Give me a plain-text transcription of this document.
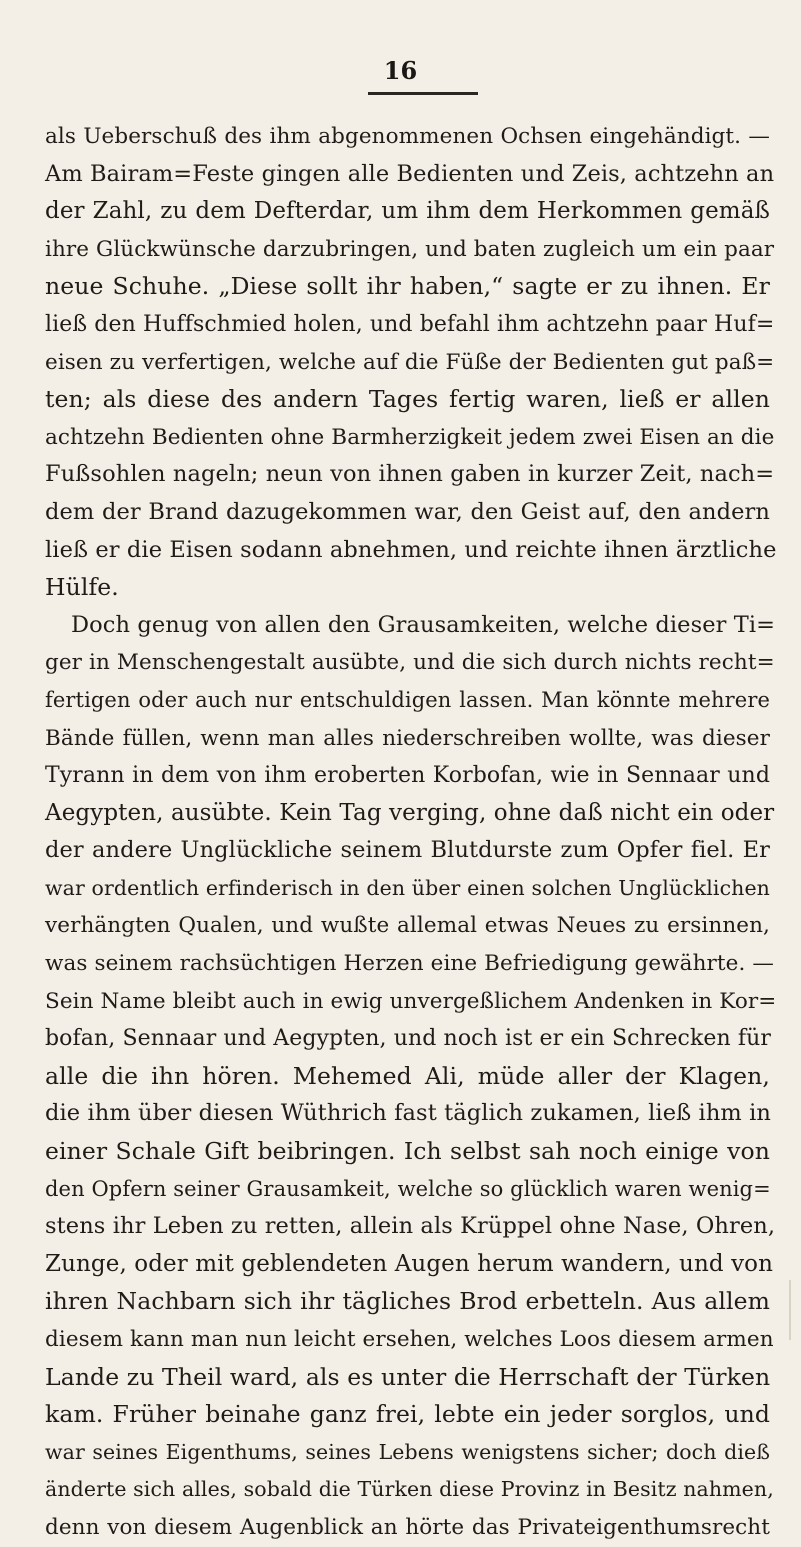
16
als Ueberschuß des ihm abgenommenen Ochsen eingehändigt. —
Am Bairam=Feste gingen alle Bedienten und Zeis, achtzehn an
der Zahl, zu dem Defterdar, um ihm dem Herkommen gemäß
ihre Glückwünsche darzubringen, und baten zugleich um ein paar
neue Schuhe. „Diese sollt ihr haben,“ sagte er zu ihnen. Er
ließ den Huffschmied holen, und befahl ihm achtzehn paar Huf=
eisen zu verfertigen, welche auf die Füße der Bedienten gut paß=
ten; als diese des andern Tages fertig waren, ließ er allen
achtzehn Bedienten ohne Barmherzigkeit jedem zwei Eisen an die
Fußsohlen nageln; neun von ihnen gaben in kurzer Zeit, nach=
dem der Brand dazugekommen war, den Geist auf, den andern
ließ er die Eisen sodann abnehmen, und reichte ihnen ärztliche
Hülfe.
Doch genug von allen den Grausamkeiten, welche dieser Ti=
ger in Menschengestalt ausübte, und die sich durch nichts recht=
fertigen oder auch nur entschuldigen lassen. Man könnte mehrere
Bände füllen, wenn man alles niederschreiben wollte, was dieser
Tyrann in dem von ihm eroberten Korbofan, wie in Sennaar und
Aegypten, ausübte. Kein Tag verging, ohne daß nicht ein oder
der andere Unglückliche seinem Blutdurste zum Opfer fiel. Er
war ordentlich erfinderisch in den über einen solchen Unglücklichen
verhängten Qualen, und wußte allemal etwas Neues zu ersinnen,
was seinem rachsüchtigen Herzen eine Befriedigung gewährte. —
Sein Name bleibt auch in ewig unvergeßlichem Andenken in Kor=
bofan, Sennaar und Aegypten, und noch ist er ein Schrecken für
alle die ihn hören. Mehemed Ali, müde aller der Klagen,
die ihm über diesen Wüthrich fast täglich zukamen, ließ ihm in
einer Schale Gift beibringen. Ich selbst sah noch einige von
den Opfern seiner Grausamkeit, welche so glücklich waren wenig=
stens ihr Leben zu retten, allein als Krüppel ohne Nase, Ohren,
Zunge, oder mit geblendeten Augen herum wandern, und von
ihren Nachbarn sich ihr tägliches Brod erbetteln. Aus allem
diesem kann man nun leicht ersehen, welches Loos diesem armen
Lande zu Theil ward, als es unter die Herrschaft der Türken
kam. Früher beinahe ganz frei, lebte ein jeder sorglos, und
war seines Eigenthums, seines Lebens wenigstens sicher; doch dieß
änderte sich alles, sobald die Türken diese Provinz in Besitz nahmen,
denn von diesem Augenblick an hörte das Privateigenthumsrecht
